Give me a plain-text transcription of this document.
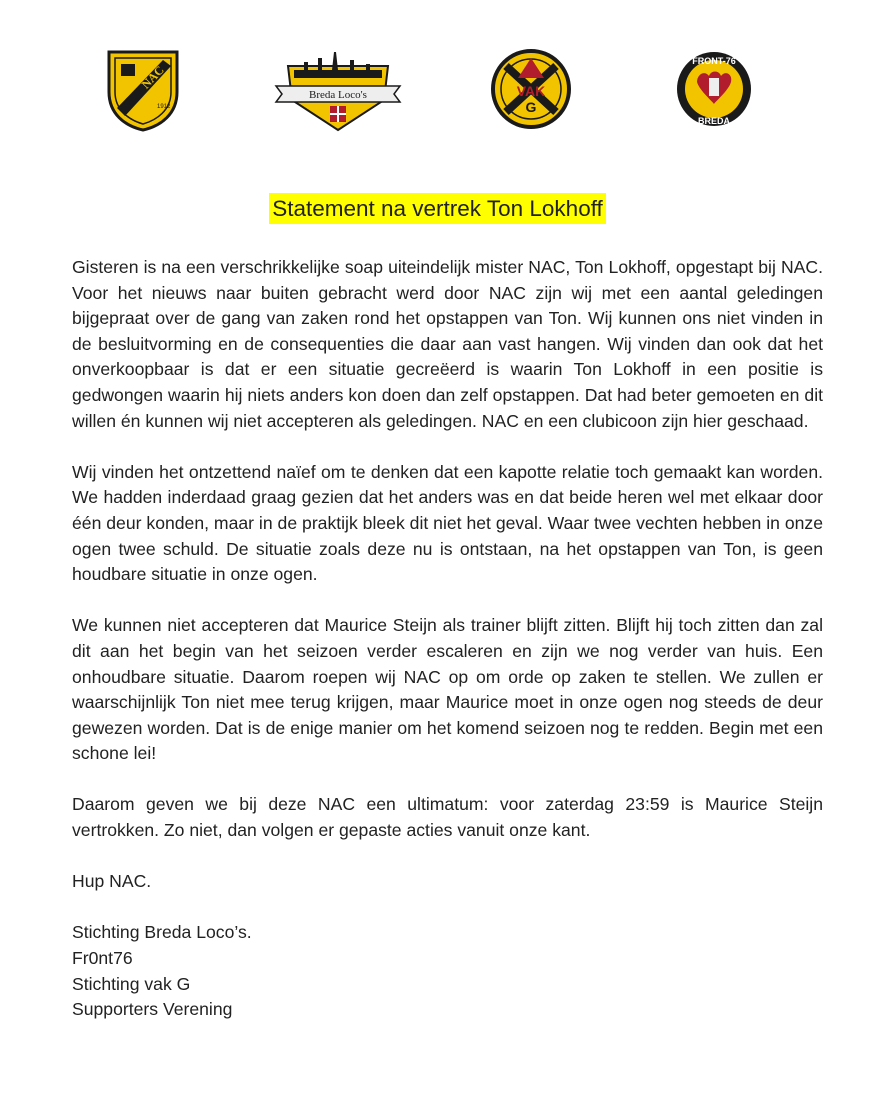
NAC
1912
Breda Loco's	VAK
G
FRONT-76
BREDA
Statement na vertrek Ton Lokhoff

Gisteren is na een verschrikkelijke soap uiteindelijk mister NAC, Ton Lokhoff, opgestapt bij NAC. Voor het nieuws naar buiten gebracht werd door NAC zijn wij met een aantal geledingen bijgepraat over de gang van zaken rond het opstappen van Ton. Wij kunnen ons niet vinden in de besluitvorming en de consequenties die daar aan vast hangen. Wij vinden dan ook dat het onverkoopbaar is dat er een situatie gecreëerd is waarin Ton Lokhoff in een positie is gedwongen waarin hij niets anders kon doen dan zelf opstappen. Dat had beter gemoeten en dit willen én kunnen wij niet accepteren als geledingen. NAC en een clubicoon zijn hier geschaad.

Wij vinden het ontzettend naïef om te denken dat een kapotte relatie toch gemaakt kan worden. We hadden inderdaad graag gezien dat het anders was en dat beide heren wel met elkaar door één deur konden, maar in de praktijk bleek dit niet het geval. Waar twee vechten hebben in onze ogen twee schuld. De situatie zoals deze nu is ontstaan, na het opstappen van Ton, is geen houdbare situatie in onze ogen.

We kunnen niet accepteren dat Maurice Steijn als trainer blijft zitten. Blijft hij toch zitten dan zal dit aan het begin van het seizoen verder escaleren en zijn we nog verder van huis. Een onhoudbare situatie. Daarom roepen wij NAC op om orde op zaken te stellen. We zullen er waarschijnlijk Ton niet mee terug krijgen, maar Maurice moet in onze ogen nog steeds de deur gewezen worden. Dat is de enige manier om het komend seizoen nog te redden. Begin met een schone lei!

Daarom geven we bij deze NAC een ultimatum: voor zaterdag 23:59 is Maurice Steijn vertrokken. Zo niet, dan volgen er gepaste acties vanuit onze kant.

Hup NAC.

Stichting Breda Loco’s.
Fr0nt76
Stichting vak G
Supporters Verening
